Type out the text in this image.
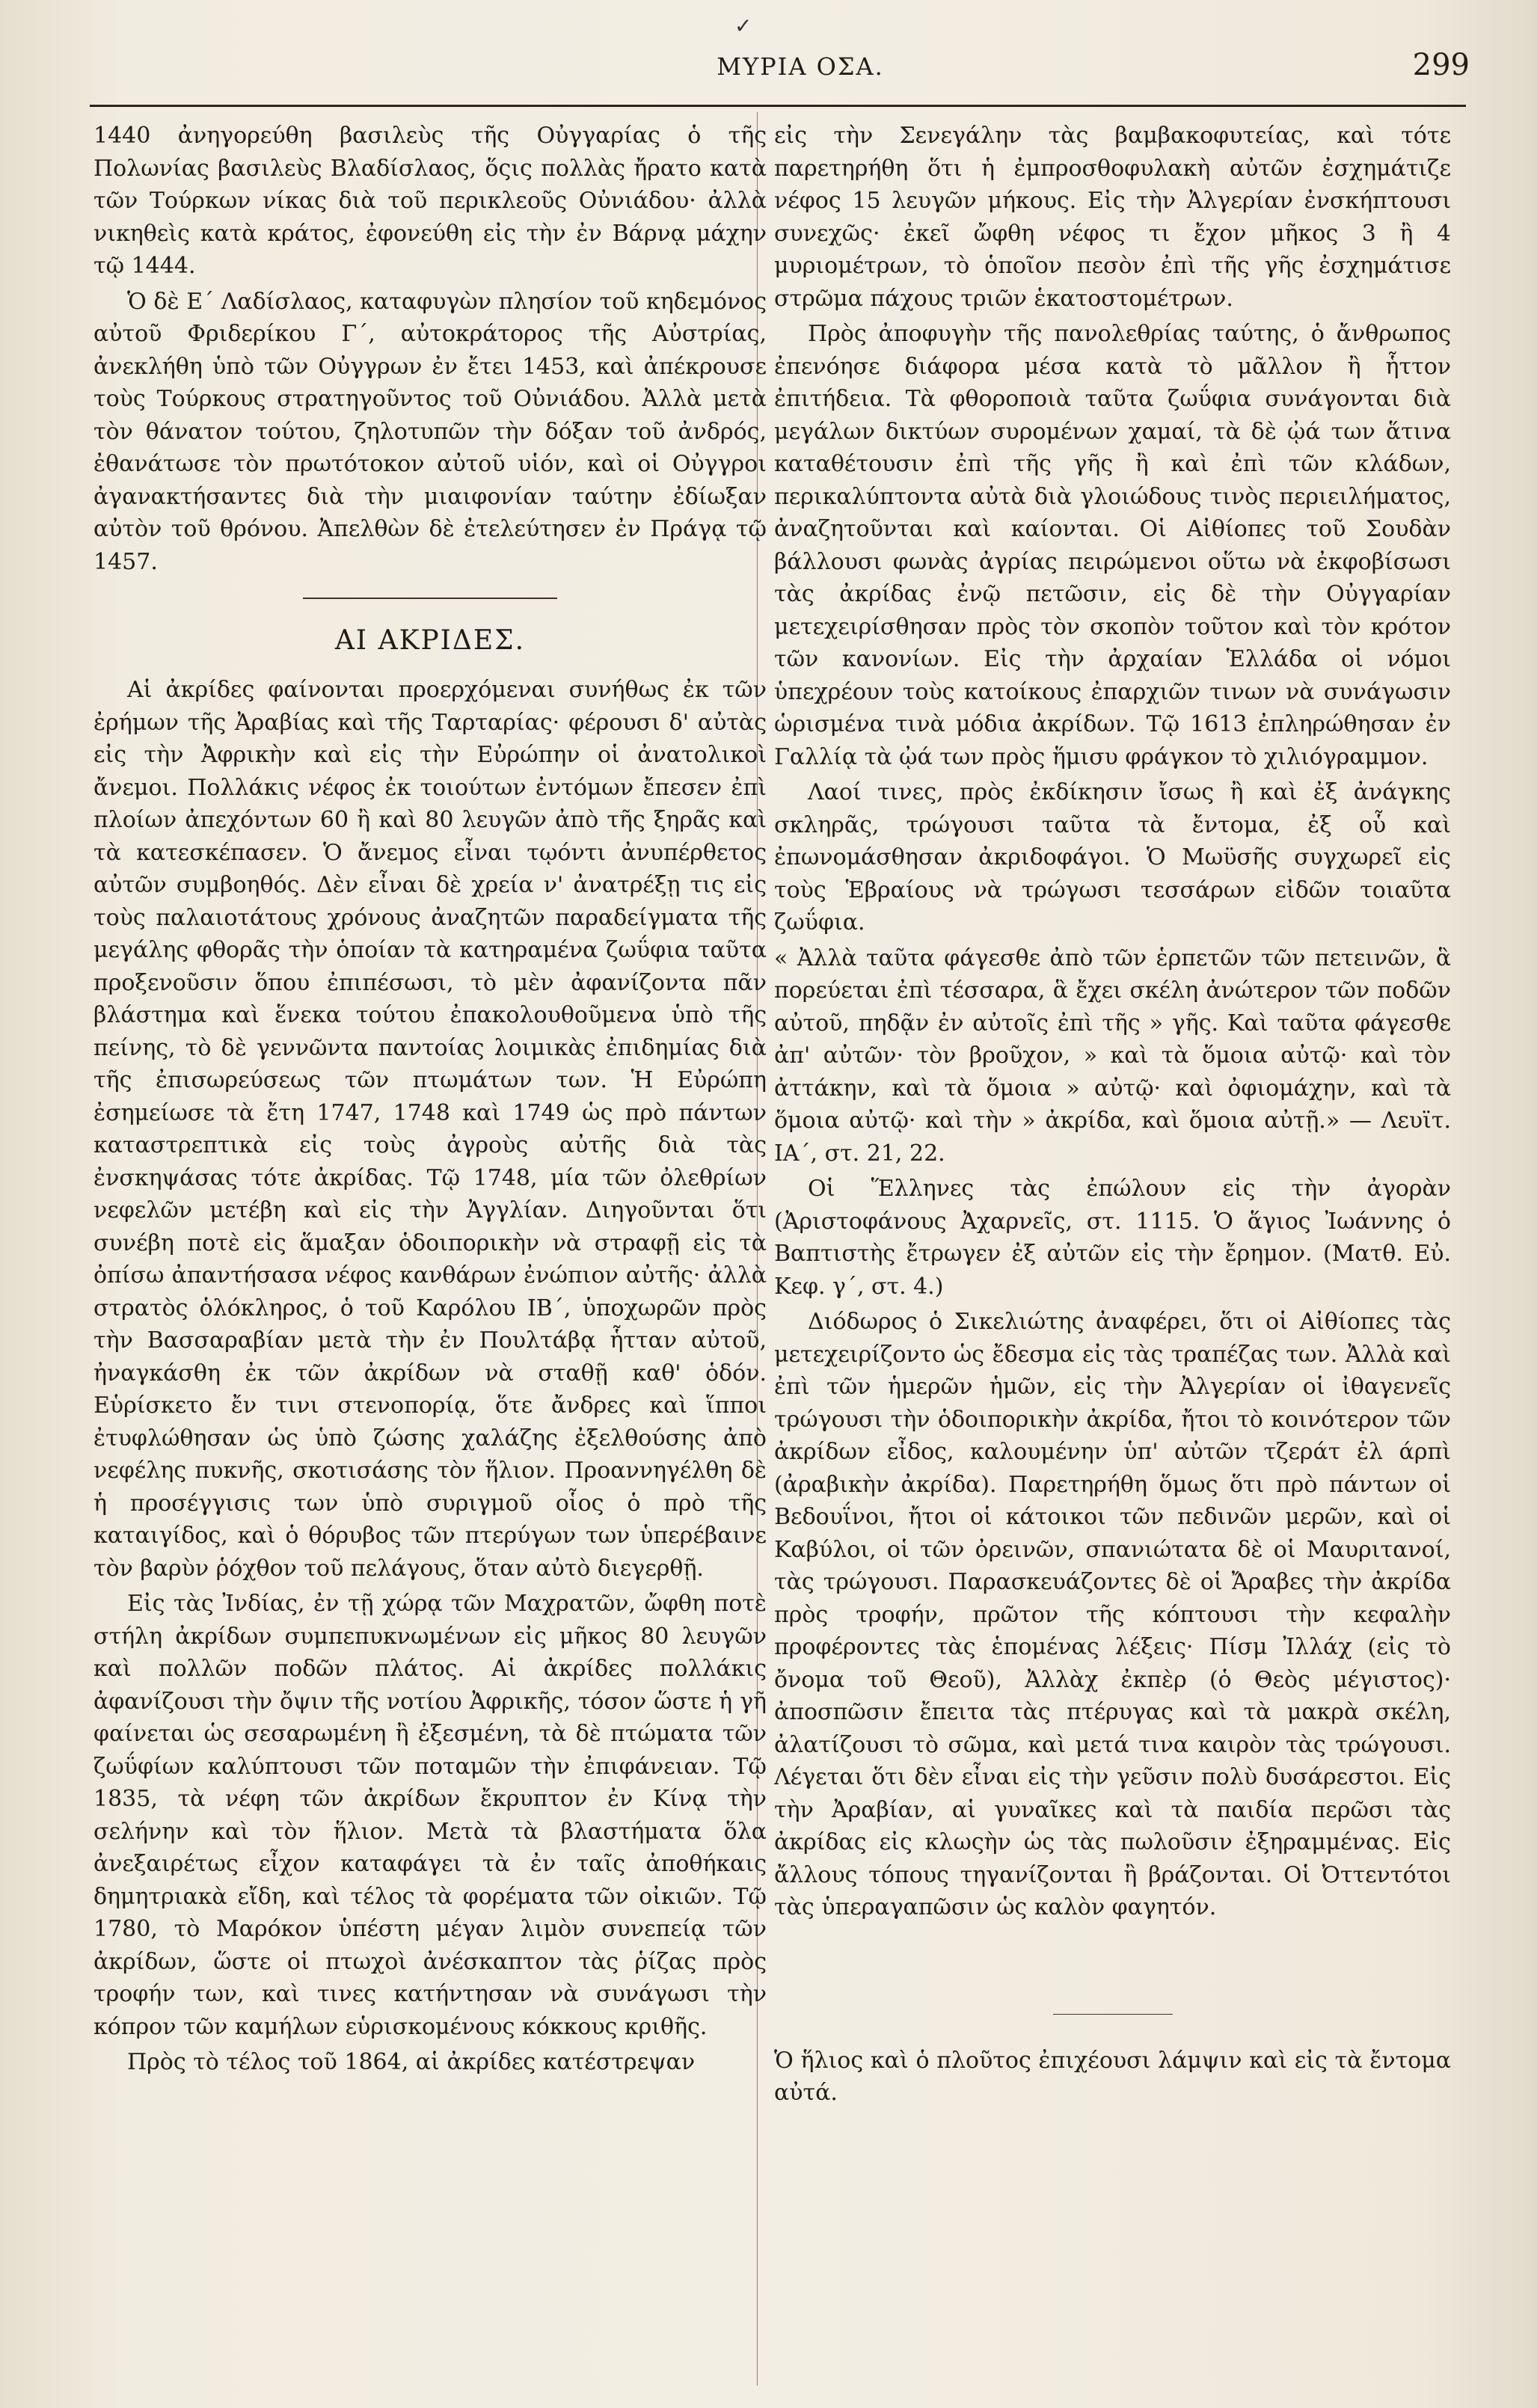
✓
ΜΥΡΙΑ ΟΣΑ.	299

1440 ἀνηγορεύθη βασιλεὺς τῆς Οὐγγαρίας ὁ τῆς Πολωνίας βασιλεὺς Βλαδίσλαος, ὅςις πολλὰς ἤρατο κατὰ τῶν Τούρκων νίκας διὰ τοῦ περικλεοῦς Οὐνιάδου· ἀλλὰ νικηθεὶς κατὰ κράτος, ἐφονεύθη εἰς τὴν ἐν Βάρνᾳ μάχην τῷ 1444.

Ὁ δὲ Ε΄ Λαδίσλαος, καταφυγὼν πλησίον τοῦ κηδεμόνος αὐτοῦ Φριδερίκου Γ΄, αὐτοκράτορος τῆς Αὐστρίας, ἀνεκλήθη ὑπὸ τῶν Οὐγγρων ἐν ἔτει 1453, καὶ ἀπέκρουσε τοὺς Τούρκους στρατηγοῦντος τοῦ Οὐνιάδου. Ἀλλὰ μετὰ τὸν θάνατον τούτου, ζηλοτυπῶν τὴν δόξαν τοῦ ἀνδρός, ἐθανάτωσε τὸν πρωτότοκον αὐτοῦ υἱόν, καὶ οἱ Οὐγγροι ἀγανακτήσαντες διὰ τὴν μιαιφονίαν ταύτην ἐδίωξαν αὐτὸν τοῦ θρόνου. Ἀπελθὼν δὲ ἐτελεύτησεν ἐν Πράγᾳ τῷ 1457.

ΑΙ ΑΚΡΙΔΕΣ.

Αἱ ἀκρίδες φαίνονται προερχόμεναι συνήθως ἐκ τῶν ἐρήμων τῆς Ἀραβίας καὶ τῆς Ταρταρίας· φέρουσι δ' αὐτὰς εἰς τὴν Ἀφρικὴν καὶ εἰς τὴν Εὐρώπην οἱ ἀνατολικοὶ ἄνεμοι. Πολλάκις νέφος ἐκ τοιούτων ἐντόμων ἔπεσεν ἐπὶ πλοίων ἀπεχόντων 60 ἢ καὶ 80 λευγῶν ἀπὸ τῆς ξηρᾶς καὶ τὰ κατεσκέπασεν. Ὁ ἄνεμος εἶναι τῳόντι ἀνυπέρθετος αὐτῶν συμβοηθός. Δὲν εἶναι δὲ χρεία ν' ἀνατρέξῃ τις εἰς τοὺς παλαιοτάτους χρόνους ἀναζητῶν παραδείγματα τῆς μεγάλης φθορᾶς τὴν ὁποίαν τὰ κατηραμένα ζωΰφια ταῦτα προξενοῦσιν ὅπου ἐπιπέσωσι, τὸ μὲν ἀφανίζοντα πᾶν βλάστημα καὶ ἕνεκα τούτου ἐπακολουθοῦμενα ὑπὸ τῆς πείνης, τὸ δὲ γεννῶντα παντοίας λοιμικὰς ἐπιδημίας διὰ τῆς ἐπισωρεύσεως τῶν πτωμάτων των. Ἡ Εὐρώπη ἐσημείωσε τὰ ἔτη 1747, 1748 καὶ 1749 ὡς πρὸ πάντων καταστρεπτικὰ εἰς τοὺς ἀγροὺς αὐτῆς διὰ τὰς ἐνσκηψάσας τότε ἀκρίδας. Τῷ 1748, μία τῶν ὀλεθρίων νεφελῶν μετέβη καὶ εἰς τὴν Ἀγγλίαν. Διηγοῦνται ὅτι συνέβη ποτὲ εἰς ἅμαξαν ὁδοιπορικὴν νὰ στραφῇ εἰς τὰ ὀπίσω ἀπαντήσασα νέφος κανθάρων ἐνώπιον αὐτῆς· ἀλλὰ στρατὸς ὁλόκληρος, ὁ τοῦ Καρόλου ΙΒ΄, ὑποχωρῶν πρὸς τὴν Βασσαραβίαν μετὰ τὴν ἐν Πουλτάβᾳ ἧτταν αὐτοῦ, ἠναγκάσθη ἐκ τῶν ἀκρίδων νὰ σταθῇ καθ' ὁδόν. Εὑρίσκετο ἔν τινι στενοπορίᾳ, ὅτε ἄνδρες καὶ ἵπποι ἐτυφλώθησαν ὡς ὑπὸ ζώσης χαλάζης ἐξελθούσης ἀπὸ νεφέλης πυκνῆς, σκοτισάσης τὸν ἥλιον. Προαννηγέλθη δὲ ἡ προσέγγισις των ὑπὸ συριγμοῦ οἷος ὁ πρὸ τῆς καταιγίδος, καὶ ὁ θόρυβος τῶν πτερύγων των ὑπερέβαινε τὸν βαρὺν ῥόχθον τοῦ πελάγους, ὅταν αὐτὸ διεγερθῇ.

Εἰς τὰς Ἰνδίας, ἐν τῇ χώρᾳ τῶν Μαχρατῶν, ὤφθη ποτὲ στήλη ἀκρίδων συμπεπυκνωμένων εἰς μῆκος 80 λευγῶν καὶ πολλῶν ποδῶν πλάτος. Αἱ ἀκρίδες πολλάκις ἀφανίζουσι τὴν ὄψιν τῆς νοτίου Ἀφρικῆς, τόσον ὥστε ἡ γῆ φαίνεται ὡς σεσαρωμένη ἢ ἐξεσμένη, τὰ δὲ πτώματα τῶν ζωΰφίων καλύπτουσι τῶν ποταμῶν τὴν ἐπιφάνειαν. Τῷ 1835, τὰ νέφη τῶν ἀκρίδων ἔκρυπτον ἐν Κίνᾳ τὴν σελήνην καὶ τὸν ἥλιον. Μετὰ τὰ βλαστήματα ὅλα ἀνεξαιρέτως εἶχον καταφάγει τὰ ἐν ταῖς ἀποθήκαις δημητριακὰ εἴδη, καὶ τέλος τὰ φορέματα τῶν οἰκιῶν. Τῷ 1780, τὸ Μαρόκον ὑπέστη μέγαν λιμὸν συνεπείᾳ τῶν ἀκρίδων, ὥστε οἱ πτωχοὶ ἀνέσκαπτον τὰς ῥίζας πρὸς τροφήν των, καὶ τινες κατήντησαν νὰ συνάγωσι τὴν κόπρον τῶν καμήλων εὑρισκομένους κόκκους κριθῆς.

Πρὸς τὸ τέλος τοῦ 1864, αἱ ἀκρίδες κατέστρεψαν

εἰς τὴν Σενεγάλην τὰς βαμβακοφυτείας, καὶ τότε παρετηρήθη ὅτι ἡ ἐμπροσθοφυλακὴ αὐτῶν ἐσχημάτιζε νέφος 15 λευγῶν μήκους. Εἰς τὴν Ἀλγερίαν ἐνσκήπτουσι συνεχῶς· ἐκεῖ ὤφθη νέφος τι ἔχον μῆκος 3 ἢ 4 μυριομέτρων, τὸ ὁποῖον πεσὸν ἐπὶ τῆς γῆς ἐσχημάτισε στρῶμα πάχους τριῶν ἑκατοστομέτρων.

Πρὸς ἀποφυγὴν τῆς πανολεθρίας ταύτης, ὁ ἄνθρωπος ἐπενόησε διάφορα μέσα κατὰ τὸ μᾶλλον ἢ ἧττον ἐπιτήδεια. Τὰ φθοροποιὰ ταῦτα ζωΰφια συνάγονται διὰ μεγάλων δικτύων συρομένων χαμαί, τὰ δὲ ᾠά των ἅτινα καταθέτουσιν ἐπὶ τῆς γῆς ἢ καὶ ἐπὶ τῶν κλάδων, περικαλύπτοντα αὐτὰ διὰ γλοιώδους τινὸς περιειλήματος, ἀναζητοῦνται καὶ καίονται. Οἱ Αἰθίοπες τοῦ Σουδὰν βάλλουσι φωνὰς ἀγρίας πειρώμενοι οὕτω νὰ ἐκφοβίσωσι τὰς ἀκρίδας ἐνῷ πετῶσιν, εἰς δὲ τὴν Οὐγγαρίαν μετεχειρίσθησαν πρὸς τὸν σκοπὸν τοῦτον καὶ τὸν κρότον τῶν κανονίων. Εἰς τὴν ἀρχαίαν Ἑλλάδα οἱ νόμοι ὑπεχρέουν τοὺς κατοίκους ἐπαρχιῶν τινων νὰ συνάγωσιν ὡρισμένα τινὰ μόδια ἀκρίδων. Τῷ 1613 ἐπληρώθησαν ἐν Γαλλίᾳ τὰ ᾠά των πρὸς ἥμισυ φράγκον τὸ χιλιόγραμμον.

Λαοί τινες, πρὸς ἐκδίκησιν ἴσως ἢ καὶ ἐξ ἀνάγκης σκληρᾶς, τρώγουσι ταῦτα τὰ ἔντομα, ἐξ οὗ καὶ ἐπωνομάσθησαν ἀκριδοφάγοι. Ὁ Μωϋσῆς συγχωρεῖ εἰς τοὺς Ἑβραίους νὰ τρώγωσι τεσσάρων εἰδῶν τοιαῦτα ζωΰφια.

« Ἀλλὰ ταῦτα φάγεσθε ἀπὸ τῶν ἑρπετῶν τῶν πετεινῶν, ἃ πορεύεται ἐπὶ τέσσαρα, ἃ ἔχει σκέλη ἀνώτερον τῶν ποδῶν αὐτοῦ, πηδᾷν ἐν αὐτοῖς ἐπὶ τῆς » γῆς. Καὶ ταῦτα φάγεσθε ἀπ' αὐτῶν· τὸν βροῦχον, » καὶ τὰ ὅμοια αὐτῷ· καὶ τὸν ἀττάκην, καὶ τὰ ὅμοια » αὐτῷ· καὶ ὀφιομάχην, καὶ τὰ ὅμοια αὐτῷ· καὶ τὴν » ἀκρίδα, καὶ ὅμοια αὐτῇ.» — Λευϊτ. ΙΑ΄, στ. 21, 22.

Οἱ Ἕλληνες τὰς ἐπώλουν εἰς τὴν ἀγορὰν (Ἀριστοφάνους Ἀχαρνεῖς, στ. 1115. Ὁ ἅγιος Ἰωάννης ὁ Βαπτιστὴς ἔτρωγεν ἐξ αὐτῶν εἰς τὴν ἔρημον. (Ματθ. Εὐ. Κεφ. γ΄, στ. 4.)

Διόδωρος ὁ Σικελιώτης ἀναφέρει, ὅτι οἱ Αἰθίοπες τὰς μετεχειρίζοντο ὡς ἔδεσμα εἰς τὰς τραπέζας των. Ἀλλὰ καὶ ἐπὶ τῶν ἡμερῶν ἡμῶν, εἰς τὴν Ἀλγερίαν οἱ ἰθαγενεῖς τρώγουσι τὴν ὁδοιπορικὴν ἀκρίδα, ἤτοι τὸ κοινότερον τῶν ἀκρίδων εἶδος, καλουμένην ὑπ' αὐτῶν τζεράτ ἐλ άρπὶ (ἀραβικὴν ἀκρίδα). Παρετηρήθη ὅμως ὅτι πρὸ πάντων οἱ Βεδουΐνοι, ἤτοι οἱ κάτοικοι τῶν πεδινῶν μερῶν, καὶ οἱ Καβύλοι, οἱ τῶν ὀρεινῶν, σπανιώτατα δὲ οἱ Μαυριτανοί, τὰς τρώγουσι. Παρασκευάζοντες δὲ οἱ Ἄραβες τὴν ἀκρίδα πρὸς τροφήν, πρῶτον τῆς κόπτουσι τὴν κεφαλὴν προφέροντες τὰς ἑπομένας λέξεις· Πίσμ Ἰλλάχ (εἰς τὸ ὄνομα τοῦ Θεοῦ), Ἀλλὰχ ἐκπὲρ (ὁ Θεὸς μέγιστος)· ἀποσπῶσιν ἔπειτα τὰς πτέρυγας καὶ τὰ μακρὰ σκέλη, ἀλατίζουσι τὸ σῶμα, καὶ μετά τινα καιρὸν τὰς τρώγουσι. Λέγεται ὅτι δὲν εἶναι εἰς τὴν γεῦσιν πολὺ δυσάρεστοι. Εἰς τὴν Ἀραβίαν, αἱ γυναῖκες καὶ τὰ παιδία περῶσι τὰς ἀκρίδας εἰς κλωςὴν ὡς τὰς πωλοῦσιν ἐξηραμμένας. Εἰς ἄλλους τόπους τηγανίζονται ἢ βράζονται. Οἱ Ὀττεντότοι τὰς ὑπεραγαπῶσιν ὡς καλὸν φαγητόν.

Ὁ ἥλιος καὶ ὁ πλοῦτος ἐπιχέουσι λάμψιν καὶ εἰς τὰ ἔντομα αὐτά.
